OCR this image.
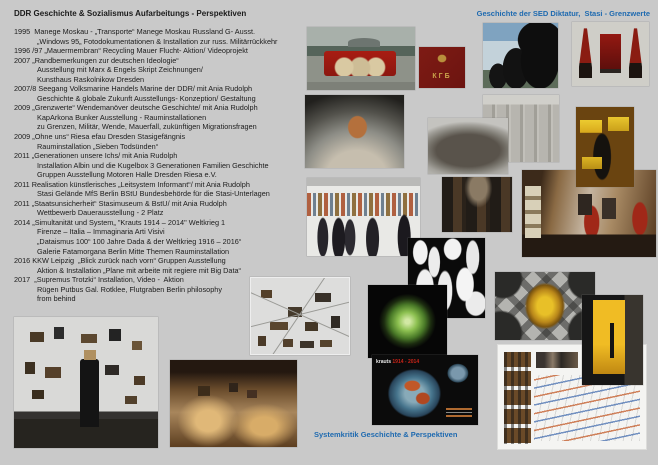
DDR Geschichte & Sozialismus Aufarbeitungs - Perspektiven	Geschichte der SED Diktatur,  Stasi - Grenzwerte
1995  Manege Moskau - „Transporte“ Manege Moskau Russland G- Ausst.
„Windows 95„ Fotodokumentationen & Installation zur russ. Militärrückkehr
1996 /97 „Mauermembran“ Recycling Mauer Flucht- Aktion/ Videoprojekt
2007 „Randbemerkungen zur deutschen Ideologie“
Ausstellung mit Marx & Engels Skript Zeichnungen/
Kunsthaus Raskolnikow Dresden
2007/8 Seegang Volksmarine Handels Marine der DDR/ mit Ania Rudolph
Geschichte & globale Zukunft Ausstellungs- Konzeption/ Gestaltung
2009 „Grenzwerte“ Wendemanöver deutsche Geschichte/ mit Ania Rudolph
KapArkona Bunker Ausstellung - Rauminstallationen
zu Grenzen, Militär, Wende, Mauerfall, zukünftigen Migrationsfragen
2009 „Ohne uns“ Riesa efau Dresden Stasigefängnis
Rauminstallation „Sieben Todsünden“
2011 „Generationen unsere Ichs/ mit Ania Rudolph
Installation Albin und die Kugelbox 3 Generationen Familien Geschichte
Gruppen Ausstellung Motoren Halle Dresden Riesa e.V.
2011 Realisation künstlerisches „Leitsystem Informant“/ mit Ania Rudolph
Stasi Gelände MfS Berlin BStU Bundesbehörde für die Stasi-Unterlagen
2011 „Staatsunsicherheit“ Stasimuseum & BstU/ mit Ania Rudolph
Wettbewerb Dauerausstellung - 2 Platz
2014 „Simultanität und System„ "Krauts 1914 – 2014" Weltkrieg 1
Firenze – Italia – Immaginaria Arti Visivi
„Dataismus 100“ 100 Jahre Dada & der Weltkrieg 1916 – 2016“
Galerie Fatamorgana Berlin Mitte Themen Rauminstallation
2016 KKW Leipzig  „Blick zurück nach vorn“ Gruppen Ausstellung
Aktion & Installation „Plane mit arbeite mit regiere mit Big Data“
2017  „Supremus Trotzki“ Installation, Video -  Aktion
Rügen Putbus Gal. Rotklee, Flutgraben Berlin philosophy
from behind
КГБ
krauts 1914 - 2014
Systemkritik Geschichte & Perspektiven
